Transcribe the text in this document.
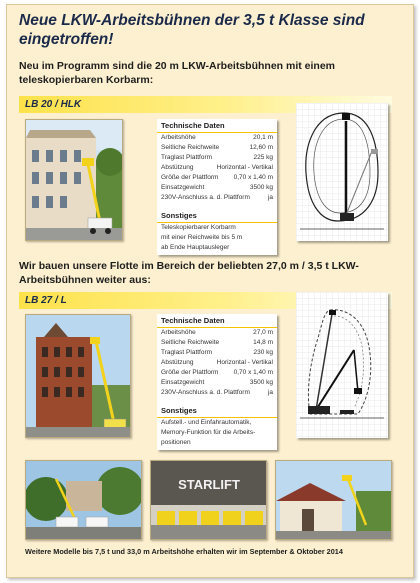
Neue LKW-Arbeitsbühnen der 3,5 t Klasse sind eingetroffen!
Neu im Programm sind die 20 m LKW-Arbeitsbühnen mit einem teleskopierbaren Korbarm:
LB 20 / HLK
Technische Daten
Arbeitshöhe	20,1 m
Seitliche Reichweite	12,60 m
Traglast Plattform	225 kg
Abstützung	Horizontal - Vertikal
Größe der Plattform 0,70 x 1,40 m
Einsatzgewicht	3500 kg
230V-Anschluss a. d. Plattform	ja
Sonstiges
Teleskopierbarer Korbarm
mit einer Reichweite bis 5 m
ab Ende Hauptausleger
Wir bauen unsere Flotte im Bereich der beliebten 27,0 m / 3,5 t LKW-Arbeitsbühnen weiter aus:
LB 27 / L
Technische Daten
Arbeitshöhe	27,0 m
Seitliche Reichweite	14,8 m
Traglast Plattform	230 kg
Abstützung	Horizontal - Vertikal
Größe der Plattform 0,70 x 1,40 m
Einsatzgewicht	3500 kg
230V-Anschluss a. d. Plattform	ja
Sonstiges
Aufstell.- und Einfahrautomatik,
Memory-Funktion für die Arbeits-
positionen
STARLIFT
Weitere Modelle bis 7,5 t und 33,0 m Arbeitshöhe erhalten wir im September & Oktober 2014
